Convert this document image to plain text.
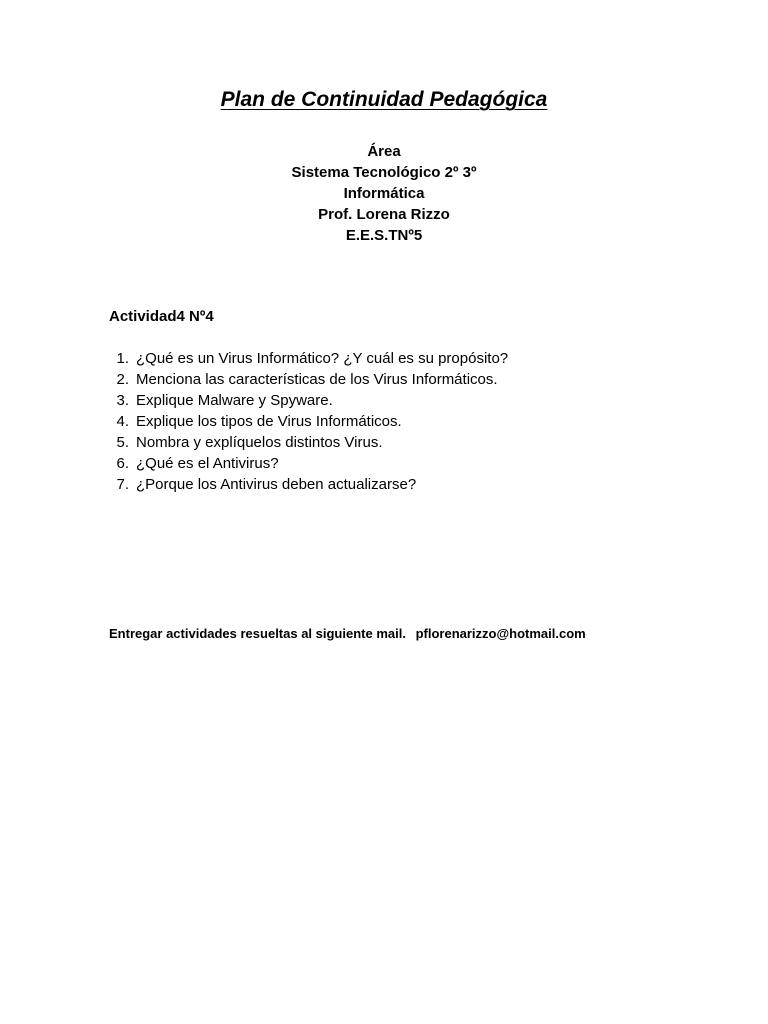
Plan de Continuidad Pedagógica
Área
Sistema Tecnológico 2º 3º
Informática
Prof. Lorena Rizzo
E.E.S.TNº5
Actividad4 Nº4
1. ¿Qué es un Virus Informático? ¿Y cuál es su propósito?
2. Menciona las características de los Virus Informáticos.
3. Explique Malware y Spyware.
4. Explique los tipos de Virus Informáticos.
5. Nombra y explíquelos distintos Virus.
6. ¿Qué es el Antivirus?
7. ¿Porque los Antivirus deben actualizarse?
Entregar actividades resueltas al siguiente mail. pflorenarizzo@hotmail.com
